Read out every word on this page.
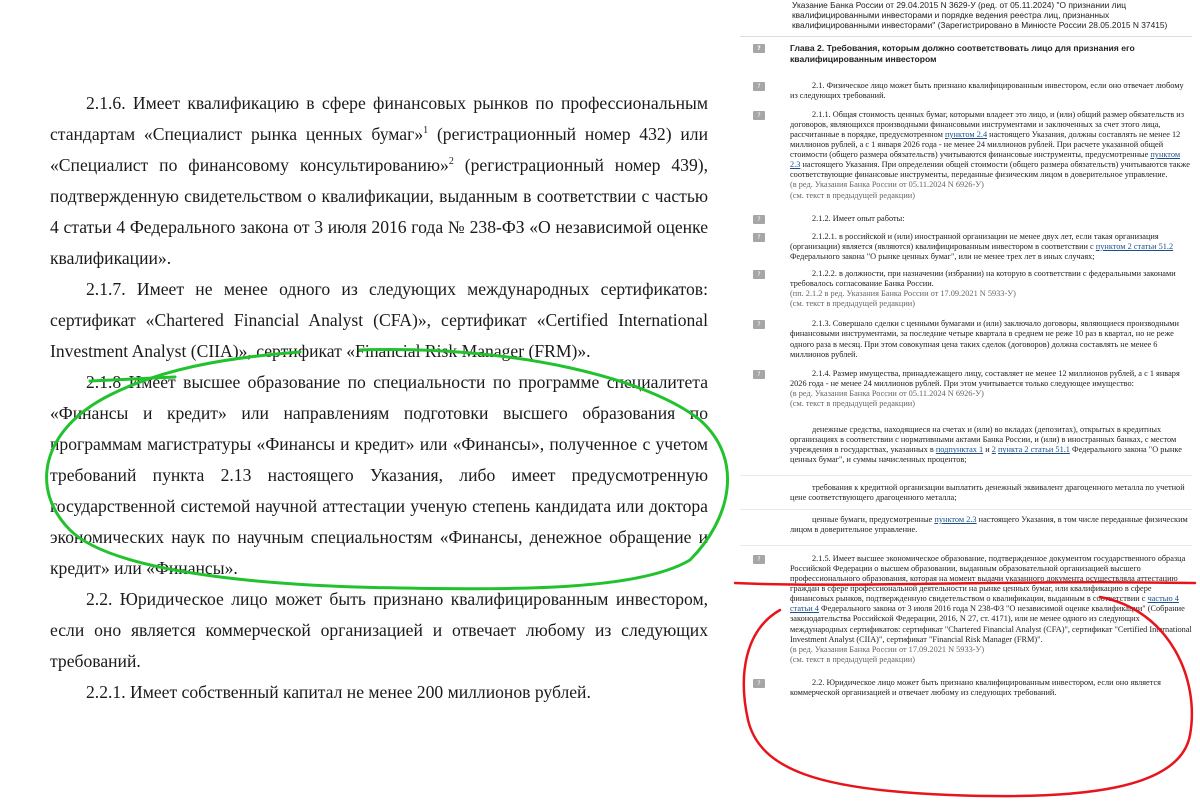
2.1.6. Имеет квалификацию в сфере финансовых рынков по профессиональным стандартам «Специалист рынка ценных бумаг»$^1$ (регистрационный номер 432) или «Специалист по финансовому консультированию»$^2$ (регистрационный номер 439), подтвержденную свидетельством о квалификации, выданным в соответствии с частью 4 статьи 4 Федерального закона от 3 июля 2016 года № 238-ФЗ «О независимой оценке квалификации».

2.1.7. Имеет не менее одного из следующих международных сертификатов: сертификат «Chartered Financial Analyst (CFA)», сертификат «Certified International Investment Analyst (CIIA)», сертификат «Financial Risk Manager (FRM)».

2.1.8 Имеет высшее образование по специальности по программе специалитета «Финансы и кредит» или направлениям подготовки высшего образования по программам магистратуры «Финансы и кредит» или «Финансы», полученное с учетом требований пункта 2.13 настоящего Указания, либо имеет предусмотренную государственной системой научной аттестации ученую степень кандидата или доктора экономических наук по научным специальностям «Финансы, денежное обращение и кредит» или «Финансы».

2.2. Юридическое лицо может быть признано квалифицированным инвестором, если оно является коммерческой организацией и отвечает любому из следующих требований.

2.2.1. Имеет собственный капитал не менее 200 миллионов рублей.

Указание Банка России от 29.04.2015 N 3629-У (ред. от 05.11.2024) "О признании лиц квалифицированными инвесторами и порядке ведения реестра лиц, признанных квалифицированными инвесторами" (Зарегистрировано в Минюсте России 28.05.2015 N 37415)
?	Глава 2. Требования, которым должно соответствовать лицо для признания его квалифицированным инвестором

?	2.1. Физическое лицо может быть признано квалифицированным инвестором, если оно отвечает любому из следующих требований.

?	2.1.1. Общая стоимость ценных бумаг, которыми владеет это лицо, и (или) общий размер обязательств из договоров, являющихся производными финансовыми инструментами и заключенных за счет этого лица, рассчитанные в порядке, предусмотренном пунктом 2.4 настоящего Указания, должны составлять не менее 12 миллионов рублей, а с 1 января 2026 года - не менее 24 миллионов рублей. При расчете указанной общей стоимости (общего размера обязательств) учитываются финансовые инструменты, предусмотренные пунктом 2.3 настоящего Указания. При определении общей стоимости (общего размера обязательств) учитываются также соответствующие финансовые инструменты, переданные физическим лицом в доверительное управление.

(в ред. Указания Банка России от 05.11.2024 N 6926-У)

(см. текст в предыдущей редакции)

?	2.1.2. Имеет опыт работы:

?	2.1.2.1. в российской и (или) иностранной организации не менее двух лет, если такая организация (организации) является (являются) квалифицированным инвестором в соответствии с пунктом 2 статьи 51.2 Федерального закона "О рынке ценных бумаг", или не менее трех лет в иных случаях;

?	2.1.2.2. в должности, при назначении (избрании) на которую в соответствии с федеральными законами требовалось согласование Банка России.

(пп. 2.1.2 в ред. Указания Банка России от 17.09.2021 N 5933-У)

(см. текст в предыдущей редакции)

?	2.1.3. Совершало сделки с ценными бумагами и (или) заключало договоры, являющиеся производными финансовыми инструментами, за последние четыре квартала в среднем не реже 10 раз в квартал, но не реже одного раза в месяц. При этом совокупная цена таких сделок (договоров) должна составлять не менее 6 миллионов рублей.

?	2.1.4. Размер имущества, принадлежащего лицу, составляет не менее 12 миллионов рублей, а с 1 января 2026 года - не менее 24 миллионов рублей. При этом учитывается только следующее имущество:

(в ред. Указания Банка России от 05.11.2024 N 6926-У)

(см. текст в предыдущей редакции)

денежные средства, находящиеся на счетах и (или) во вкладах (депозитах), открытых в кредитных организациях в соответствии с нормативными актами Банка России, и (или) в иностранных банках, с местом учреждения в государствах, указанных в подпунктах 1 и 2 пункта 2 статьи 51.1 Федерального закона "О рынке ценных бумаг", и суммы начисленных процентов;

требования к кредитной организации выплатить денежный эквивалент драгоценного металла по учетной цене соответствующего драгоценного металла;

ценные бумаги, предусмотренные пунктом 2.3 настоящего Указания, в том числе переданные физическим лицом в доверительное управление.

?	2.1.5. Имеет высшее экономическое образование, подтвержденное документом государственного образца Российской Федерации о высшем образовании, выданным образовательной организацией высшего профессионального образования, которая на момент выдачи указанного документа осуществляла аттестацию граждан в сфере профессиональной деятельности на рынке ценных бумаг, или квалификацию в сфере финансовых рынков, подтвержденную свидетельством о квалификации, выданным в соответствии с частью 4 статьи 4 Федерального закона от 3 июля 2016 года N 238-ФЗ "О независимой оценке квалификации" (Собрание законодательства Российской Федерации, 2016, N 27, ст. 4171), или не менее одного из следующих международных сертификатов: сертификат "Chartered Financial Analyst (CFA)", сертификат "Certified International Investment Analyst (CIIA)", сертификат "Financial Risk Manager (FRM)".

(в ред. Указания Банка России от 17.09.2021 N 5933-У)

(см. текст в предыдущей редакции)

?	2.2. Юридическое лицо может быть признано квалифицированным инвестором, если оно является коммерческой организацией и отвечает любому из следующих требований.
